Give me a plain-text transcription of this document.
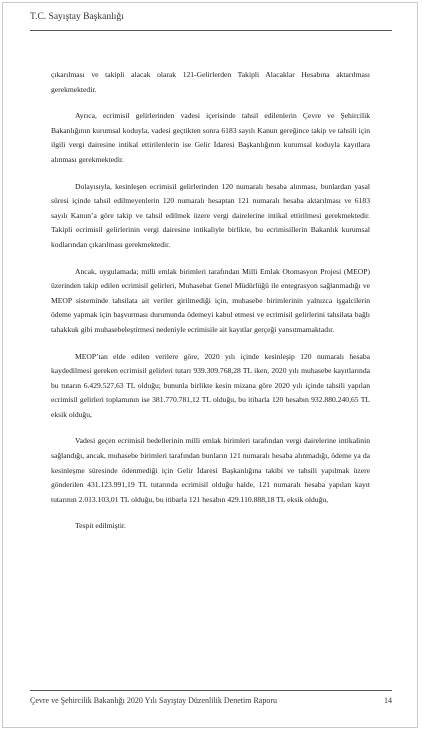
T.C. Sayıştay Başkanlığı

çıkarılması ve takipli alacak olarak 121-Gelirlerden Takipli Alacaklar Hesabına aktarılması gerekmektedir.

Ayrıca, ecrimisil gelirlerinden vadesi içerisinde tahsil edilenlerin Çevre ve Şehircilik Bakanlığının kurumsal koduyla, vadesi geçtikten sonra 6183 sayılı Kanun gereğince takip ve tahsili için ilgili vergi dairesine intikal ettirilenlerin ise Gelir İdaresi Başkanlığının kurumsal koduyla kayıtlara alınması gerekmektedir.

Dolayısıyla, kesinleşen ecrimisil gelirlerinden 120 numaralı hesaba alınması, bunlardan yasal süresi içinde tahsil edilmeyenlerin 120 numaralı hesaptan 121 numaralı hesaba aktarılması ve 6183 sayılı Kanun’a göre takip ve tahsil edilmek üzere vergi dairelerine intikal ettirilmesi gerekmektedir. Takipli ecrimisil gelirlerinin vergi dairesine intikaliyle birlikte, bu ecrimisillerin Bakanlık kurumsal kodlarından çıkarılması gerekmektedir.

Ancak, uygulamada; milli emlak birimleri tarafından Milli Emlak Otomasyon Projesi (MEOP) üzerinden takip edilen ecrimisil gelirleri, Muhasebat Genel Müdürlüğü ile entegrasyon sağlanmadığı ve MEOP sisteminde tahsilata ait veriler girilmediği için, muhasebe birimlerinin yalnızca işgalcilerin ödeme yapmak için başvurması durumunda ödemeyi kabul etmesi ve ecrimisil gelirlerini tahsilata bağlı tahakkuk gibi muhasebeleştirmesi nedeniyle ecrimisile ait kayıtlar gerçeği yansıtmamaktadır.

MEOP’tan elde edilen verilere göre, 2020 yılı içinde kesinleşip 120 numaralı hesaba kaydedilmesi gereken ecrimisil gelirleri tutarı 939.309.768,28 TL iken, 2020 yılı muhasebe kayıtlarında bu tutarın 6.429.527,63 TL olduğu; bununla birlikte kesin mizana göre 2020 yılı içinde tahsili yapılan ecrimisil gelirleri toplamının ise 381.770.781,12 TL olduğu, bu itibarla 120 hesabın 932.880.240,65 TL eksik olduğu,

Vadesi geçen ecrimisil bedellerinin milli emlak birimleri tarafından vergi dairelerine intikalinin sağlandığı, ancak, muhasebe birimleri tarafından bunların 121 numaralı hesaba alınmadığı, ödeme ya da kesinleşme süresinde ödenmediği için Gelir İdaresi Başkanlığına takibi ve tahsili yapılmak üzere gönderilen 431.123.991,19 TL tutarında ecrimisil olduğu halde, 121 numaralı hesaba yapılan kayıt tutarının 2.013.103,01 TL olduğu, bu itibarla 121 hesabın 429.110.888,18 TL eksik olduğu,

Tespit edilmiştir.

Çevre ve Şehircilik Bakanlığı 2020 Yılı Sayıştay Düzenlilik Denetim Raporu	14
